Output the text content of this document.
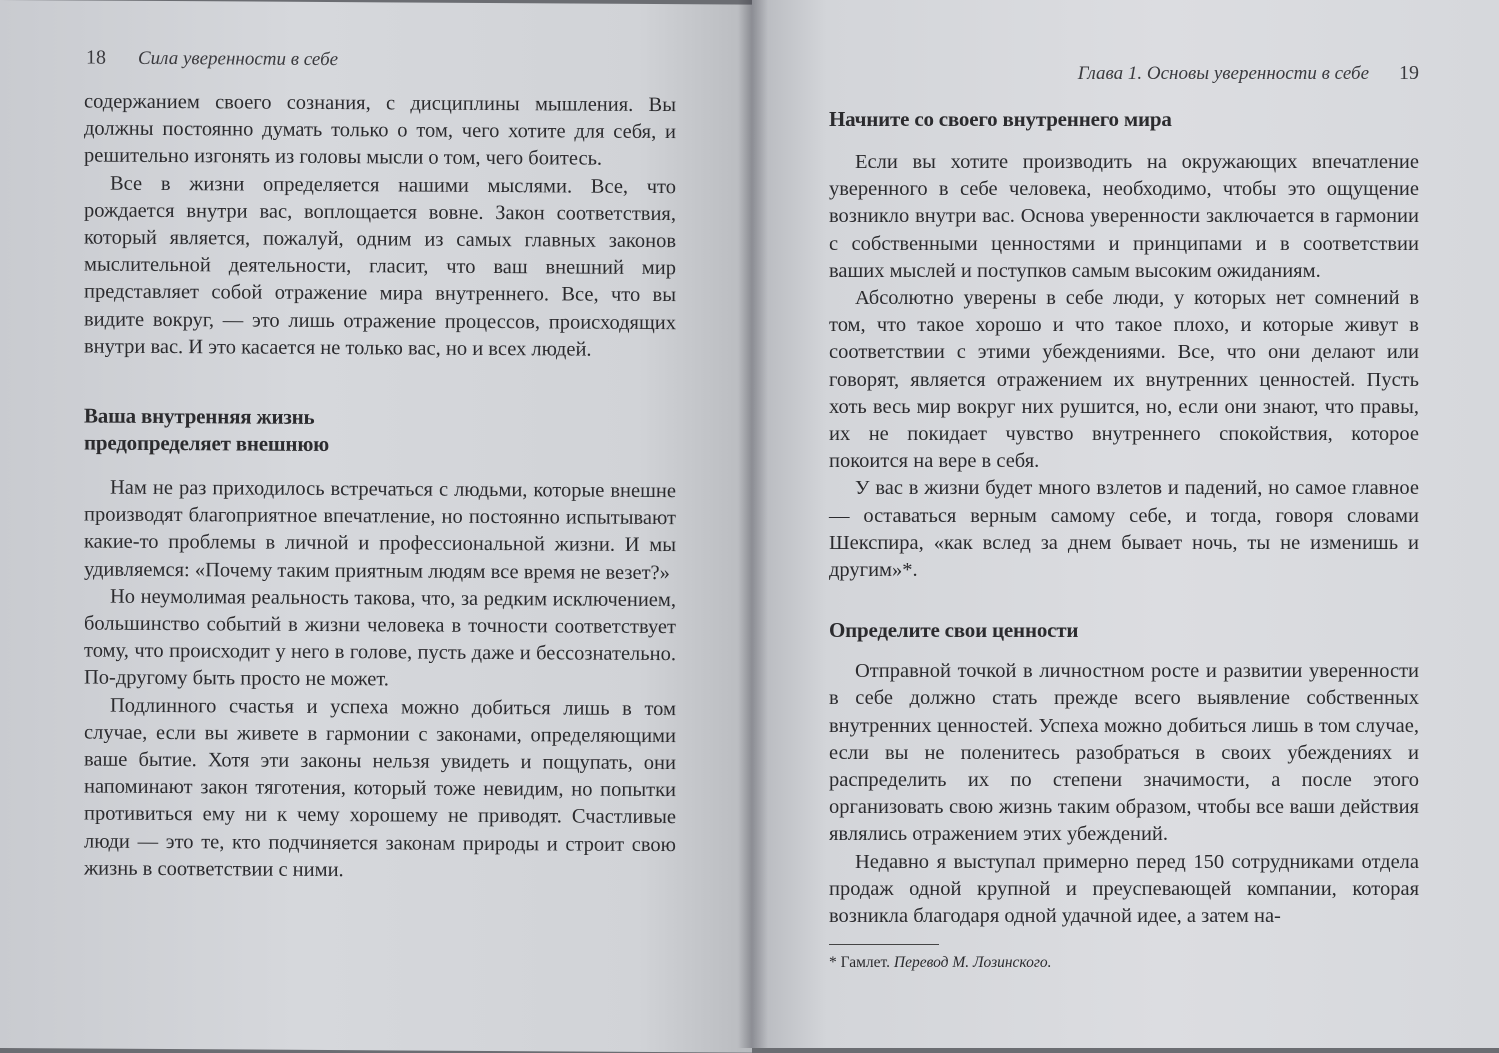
18 Сила уверенности в себе

содержанием своего сознания, с дисциплины мышления. Вы должны постоянно думать только о том, чего хотите для себя, и решительно изгонять из головы мысли о том, чего боитесь.

Все в жизни определяется нашими мыслями. Все, что рождается внутри вас, воплощается вовне. Закон соответствия, который является, пожалуй, одним из самых главных законов мыслительной деятельности, гласит, что ваш внешний мир представляет собой отражение мира внутреннего. Все, что вы видите вокруг, — это лишь отражение процессов, происходящих внутри вас. И это касается не только вас, но и всех людей.

Ваша внутренняя жизнь
предопределяет внешнюю

Нам не раз приходилось встречаться с людьми, которые внешне производят благоприятное впечатление, но постоянно испытывают какие-то проблемы в личной и профессиональной жизни. И мы удивляемся: «Почему таким приятным людям все время не везет?»

Но неумолимая реальность такова, что, за редким исключением, большинство событий в жизни человека в точности соответствует тому, что происходит у него в голове, пусть даже и бессознательно. По-другому быть просто не может.

Подлинного счастья и успеха можно добиться лишь в том случае, если вы живете в гармонии с законами, определяющими ваше бытие. Хотя эти законы нельзя увидеть и пощупать, они напоминают закон тяготения, который тоже невидим, но попытки противиться ему ни к чему хорошему не приводят. Счастливые люди — это те, кто подчиняется законам природы и строит свою жизнь в соответствии с ними.

Глава 1. Основы уверенности в себе 19
Начните со своего внутреннего мира

Если вы хотите производить на окружающих впечатление уверенного в себе человека, необходимо, чтобы это ощущение возникло внутри вас. Основа уверенности заключается в гармонии с собственными ценностями и принципами и в соответствии ваших мыслей и поступков самым высоким ожиданиям.

Абсолютно уверены в себе люди, у которых нет сомнений в том, что такое хорошо и что такое плохо, и которые живут в соответствии с этими убеждениями. Все, что они делают или говорят, является отражением их внутренних ценностей. Пусть хоть весь мир вокруг них рушится, но, если они знают, что правы, их не покидает чувство внутреннего спокойствия, которое покоится на вере в себя.

У вас в жизни будет много взлетов и падений, но самое главное — оставаться верным самому себе, и тогда, говоря словами Шекспира, «как вслед за днем бывает ночь, ты не изменишь и другим»*.

Определите свои ценности

Отправной точкой в личностном росте и развитии уверенности в себе должно стать прежде всего выявление собственных внутренних ценностей. Успеха можно добиться лишь в том случае, если вы не поленитесь разобраться в своих убеждениях и распределить их по степени значимости, а после этого организовать свою жизнь таким образом, чтобы все ваши действия являлись отражением этих убеждений.

Недавно я выступал примерно перед 150 сотрудниками отдела продаж одной крупной и преуспевающей компании, которая возникла благодаря одной удачной идее, а затем на-

* Гамлет. Перевод М. Лозинского.
